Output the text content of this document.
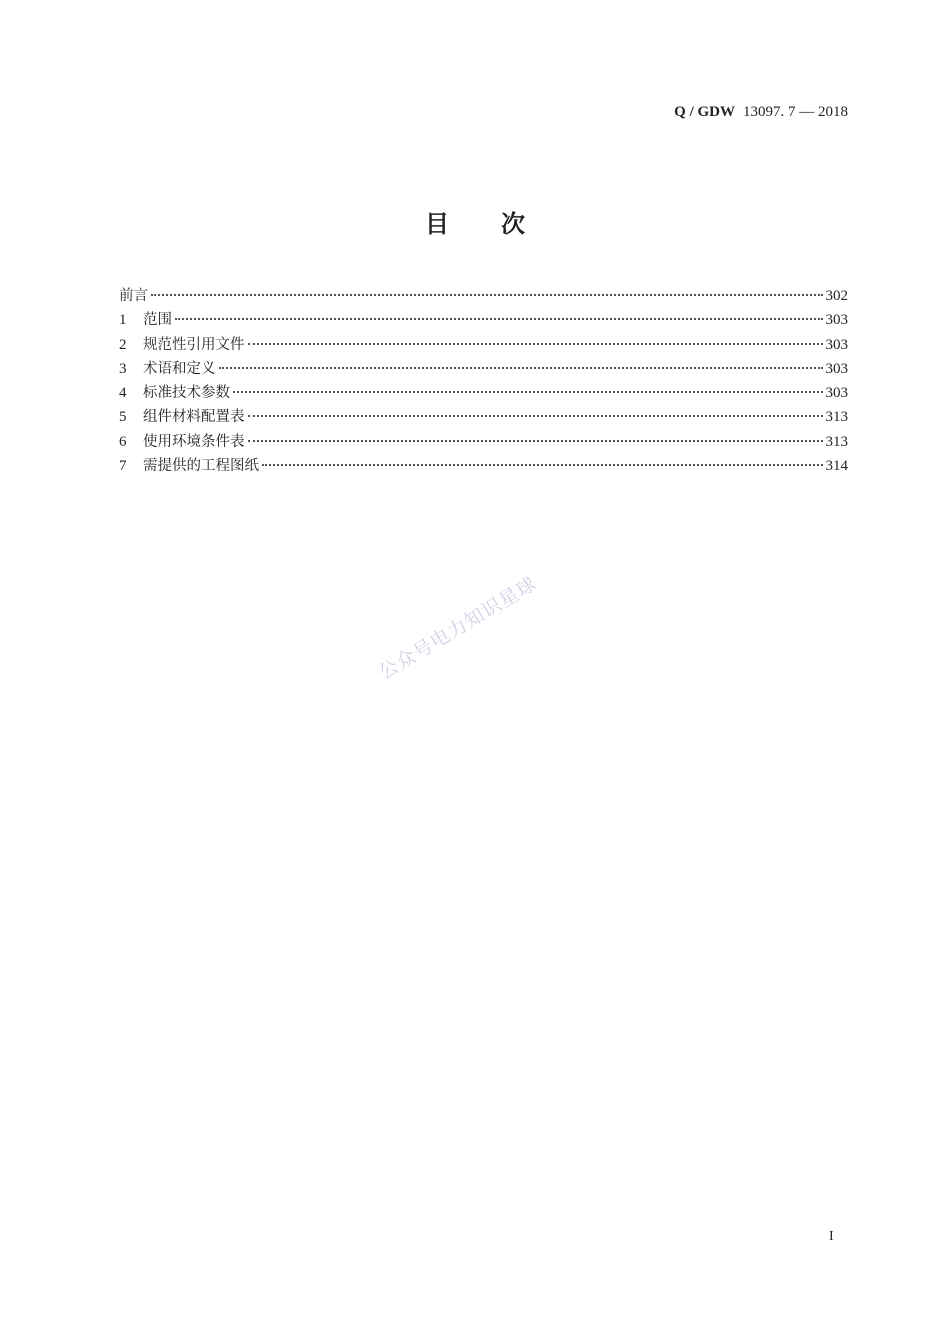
Q / GDW 13097. 7 — 2018
目 次
前言	302
1	范围	303
2	规范性引用文件	303
3	术语和定义	303
4	标准技术参数	303
5	组件材料配置表	313
6	使用环境条件表	313
7	需提供的工程图纸	314
公众号电力知识星球
I
